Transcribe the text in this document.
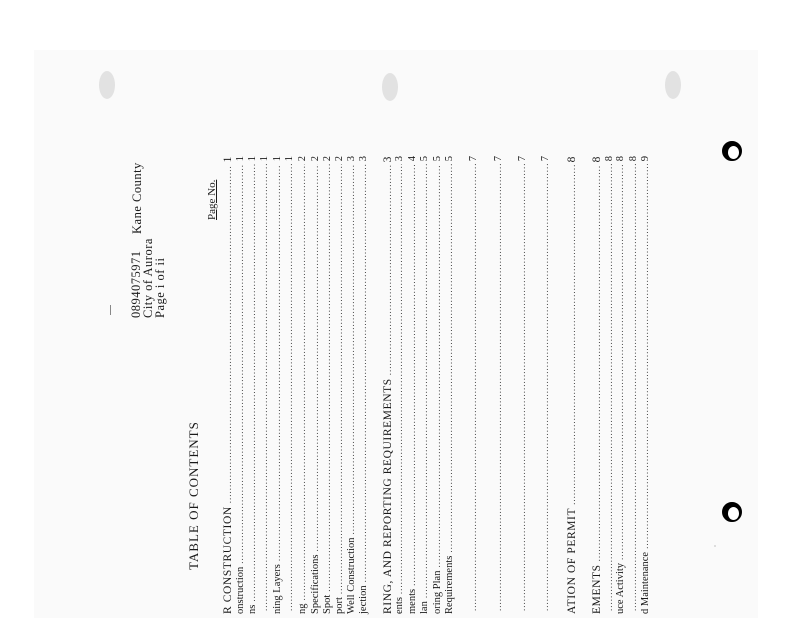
0894075971
City of Aurora
Page i of ii
Kane County
TABLE OF CONTENTS
Page No.
R CONSTRUCTION
.....
1
onstruction
.....
1
ns
.....
1
..... 1
ning Layers
.....
1
..... 1
ng
.....
2
Specifications
.....
2
Spot
.....
2
port
.....
2
Well Construction
.....
3
jection
.....
3
RING, AND REPORTING REQUIREMENTS
.....
3
ents
.....
3
ments
.....
4
lan
.....
5
oring Plan
.....
5
Requirements
.....
5
..... 7
..... 7
..... 7
..... 7
ATION OF PERMIT
.....
8
EMENTS
.....
8
..... 8
uce Activity
.....
8
..... 8
d Maintenance
.....
9
